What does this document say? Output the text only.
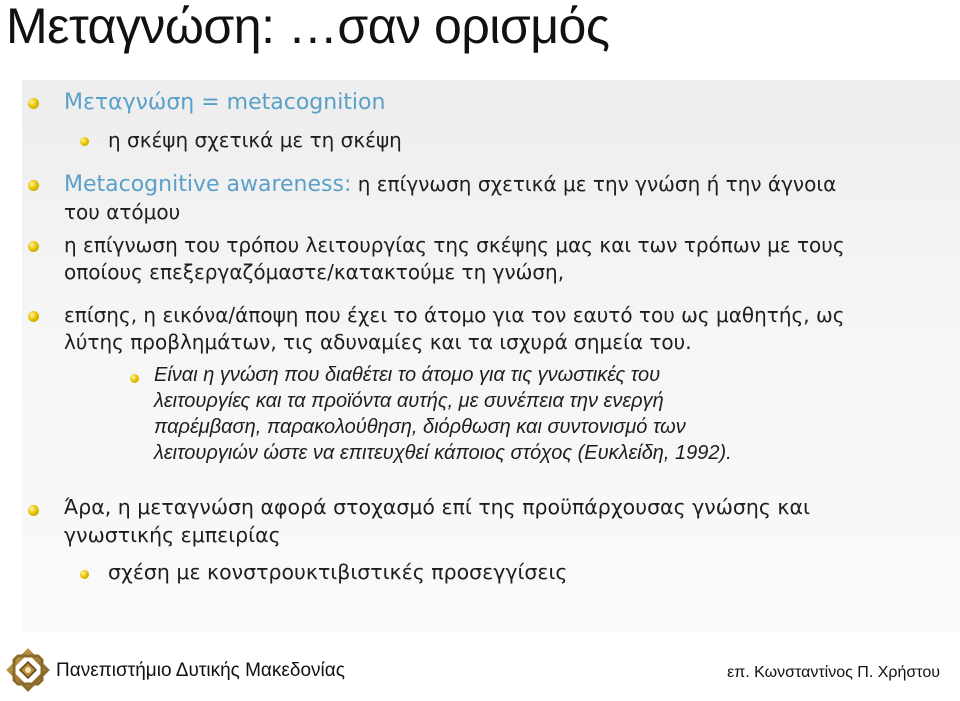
Μεταγνώση: …σαν ορισμός
Μεταγνώση = metacognition
η σκέψη σχετικά με τη σκέψη
Metacognitive awareness: η επίγνωση σχετικά με την γνώση ή την άγνοια
του ατόμου
η επίγνωση του τρόπου λειτουργίας της σκέψης μας και των τρόπων με τους
οποίους επεξεργαζόμαστε/κατακτούμε τη γνώση,
επίσης, η εικόνα/άποψη που έχει το άτομο για τον εαυτό του ως μαθητής, ως
λύτης προβλημάτων, τις αδυναμίες και τα ισχυρά σημεία του.
Είναι η γνώση που διαθέτει το άτομο για τις γνωστικές του
λειτουργίες και τα προϊόντα αυτής, με συνέπεια την ενεργή
παρέμβαση, παρακολούθηση, διόρθωση και συντονισμό των
λειτουργιών ώστε να επιτευχθεί κάποιος στόχος (Ευκλείδη, 1992).
Άρα, η μεταγνώση αφορά στοχασμό επί της προϋπάρχουσας γνώσης και
γνωστικής εμπειρίας
σχέση με κονστρουκτιβιστικές προσεγγίσεις
Πανεπιστήμιο Δυτικής Μακεδονίας	επ. Κωνσταντίνος Π. Χρήστου
